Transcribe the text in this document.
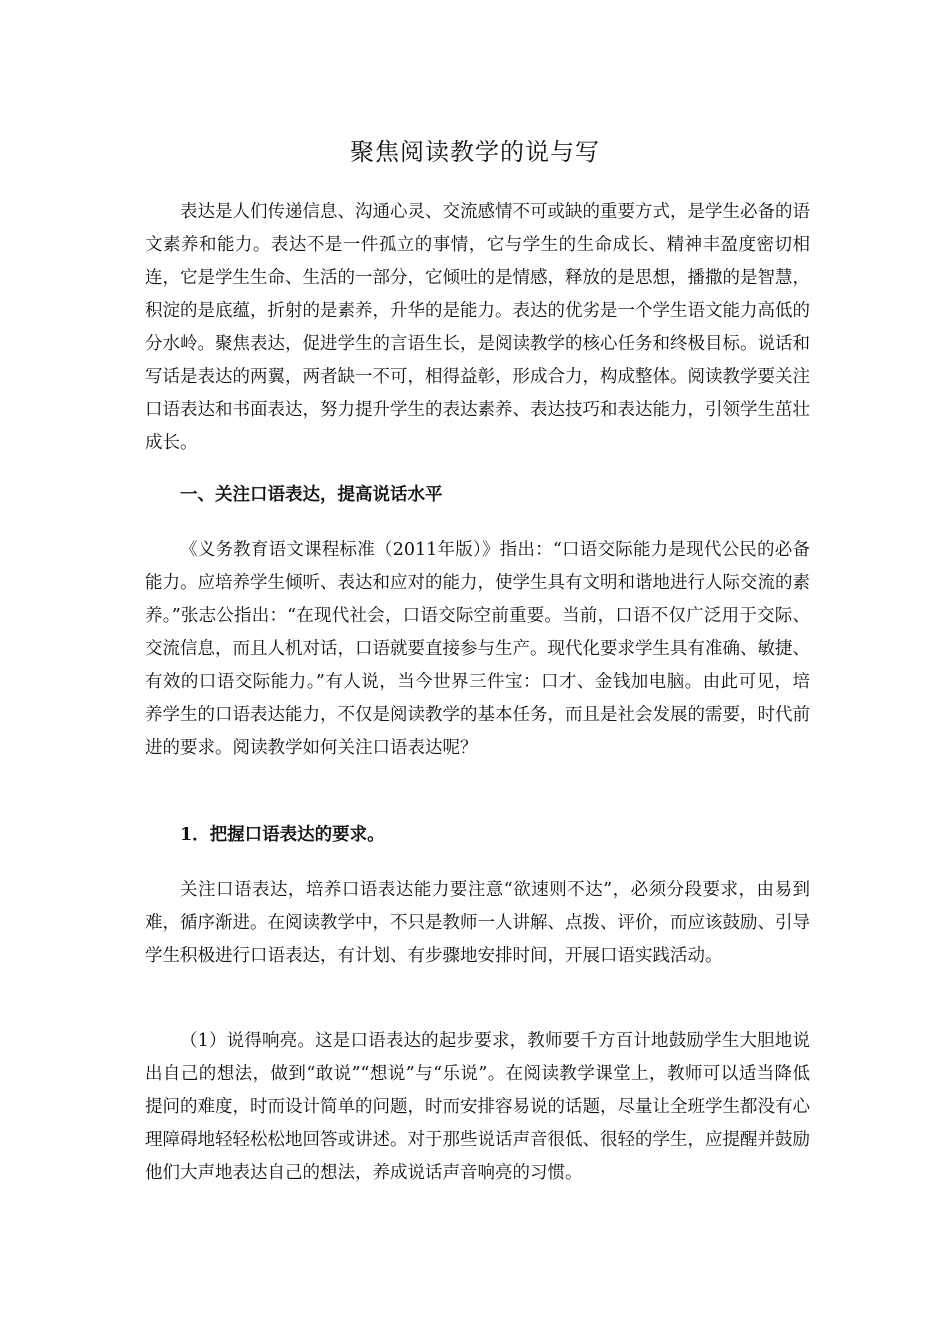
聚焦阅读教学的说与写

表达是人们传递信息、沟通心灵、交流感情不可或缺的重要方式，是学生必备的语文素养和能力。表达不是一件孤立的事情，它与学生的生命成长、精神丰盈度密切相连，它是学生生命、生活的一部分，它倾吐的是情感，释放的是思想，播撒的是智慧，积淀的是底蕴，折射的是素养，升华的是能力。表达的优劣是一个学生语文能力高低的分水岭。聚焦表达，促进学生的言语生长，是阅读教学的核心任务和终极目标。说话和写话是表达的两翼，两者缺一不可，相得益彰，形成合力，构成整体。阅读教学要关注口语表达和书面表达，努力提升学生的表达素养、表达技巧和表达能力，引领学生茁壮成长。

一、关注口语表达，提高说话水平

《义务教育语文课程标准（2011年版）》指出：“口语交际能力是现代公民的必备能力。应培养学生倾听、表达和应对的能力，使学生具有文明和谐地进行人际交流的素养。”张志公指出：“在现代社会，口语交际空前重要。当前，口语不仅广泛用于交际、交流信息，而且人机对话，口语就要直接参与生产。现代化要求学生具有准确、敏捷、有效的口语交际能力。”有人说，当今世界三件宝：口才、金钱加电脑。由此可见，培养学生的口语表达能力，不仅是阅读教学的基本任务，而且是社会发展的需要，时代前进的要求。阅读教学如何关注口语表达呢？

1．把握口语表达的要求。

关注口语表达，培养口语表达能力要注意“欲速则不达”，必须分段要求，由易到难，循序渐进。在阅读教学中，不只是教师一人讲解、点拨、评价，而应该鼓励、引导学生积极进行口语表达，有计划、有步骤地安排时间，开展口语实践活动。

（1）说得响亮。这是口语表达的起步要求，教师要千方百计地鼓励学生大胆地说出自己的想法，做到“敢说”“想说”与“乐说”。在阅读教学课堂上，教师可以适当降低提问的难度，时而设计简单的问题，时而安排容易说的话题，尽量让全班学生都没有心理障碍地轻轻松松地回答或讲述。对于那些说话声音很低、很轻的学生，应提醒并鼓励他们大声地表达自己的想法，养成说话声音响亮的习惯。
